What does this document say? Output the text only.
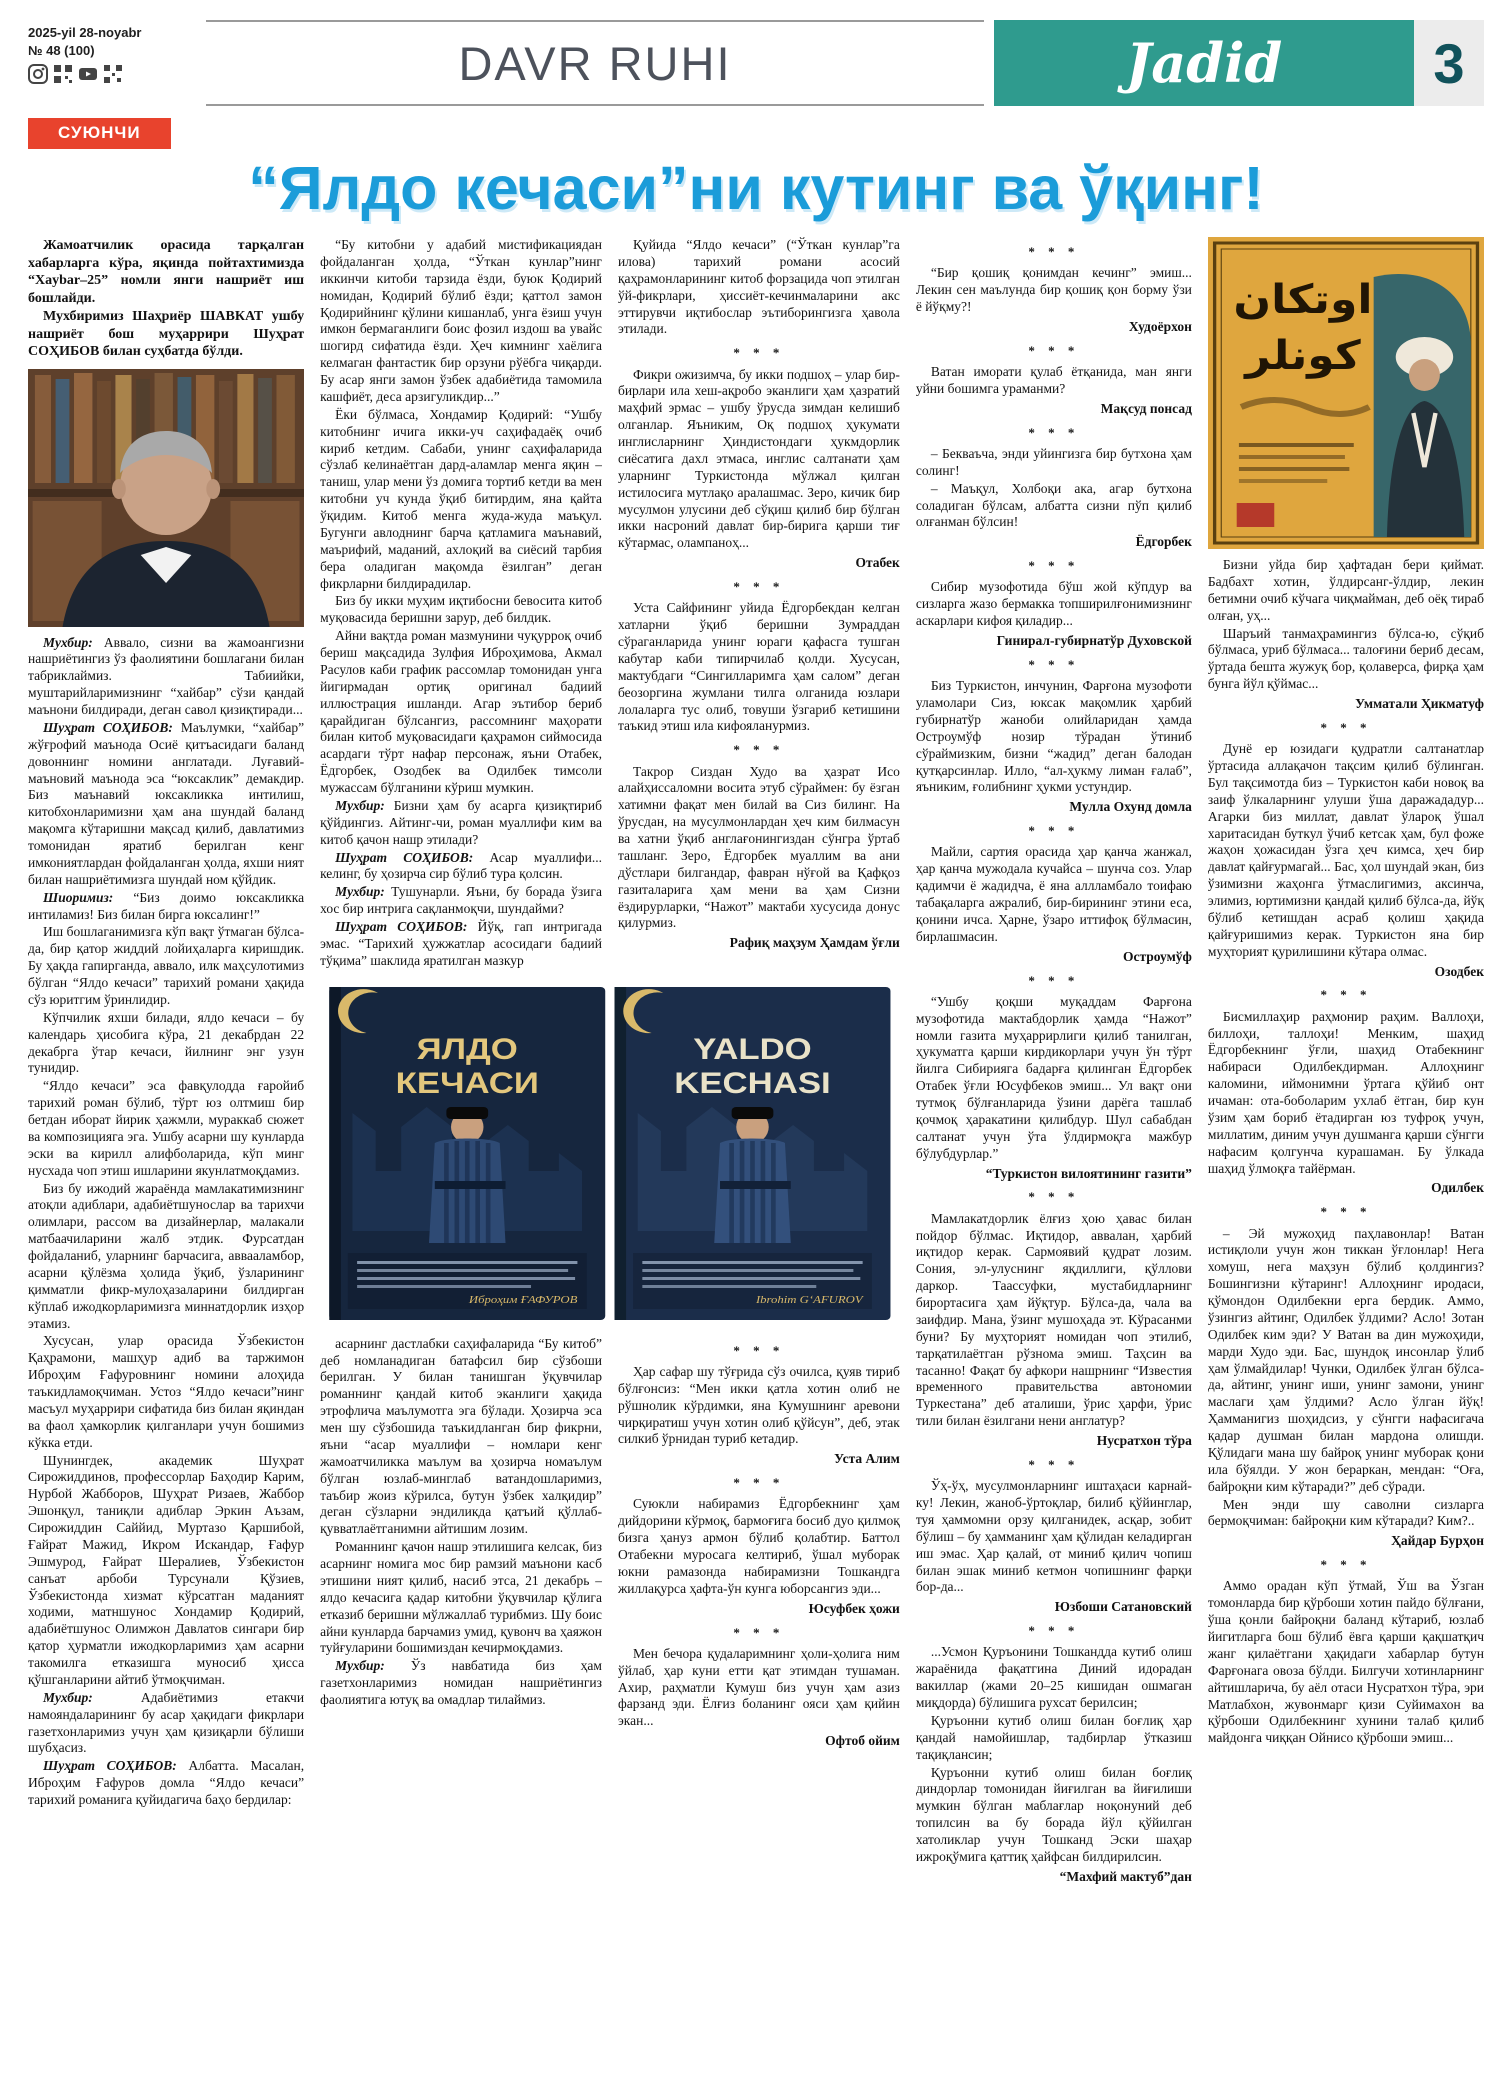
2025-yil 28-noyabr
№ 48 (100)	DAVR RUHI	Jadid	3
СУЮНЧИ
“Ялдо кечаси”ни кутинг ва ўқинг!

Жамоатчилик орасида тарқалган хабарларга кўра, яқинда пойтахтимизда “Xaybar–25” номли янги нашриёт иш бошлайди.

Мухбиримиз Шаҳриёр ШАВКАТ ушбу нашриёт бош муҳаррири Шуҳрат СОҲИБОВ билан суҳбатда бўлди.

Мухбир: Аввало, сизни ва жамоангизни нашриётингиз ўз фаолиятини бошлагани билан табриклаймиз. Табиийки, муштарийларимизнинг “хайбар” сўзи қандай маънони билдиради, деган савол қизиқтиради...

Шуҳрат СОҲИБОВ: Маълумки, “хайбар” жўғрофий маънода Осиё қитъасидаги баланд довоннинг номини англатади. Луғавий-маъновий маънода эса “юксаклик” демакдир. Биз маънавий юксакликка интилиш, китобхонларимизни ҳам ана шундай баланд мақомга кўтаришни мақсад қилиб, давлатимиз томонидан яратиб берилган кенг имкониятлардан фойдаланган ҳолда, яхши ният билан нашриётимизга шундай ном қўйдик.

Шиоримиз: “Биз доимо юксакликка интиламиз! Биз билан бирга юксалинг!”

Иш бошлаганимизга кўп вақт ўтмаган бўлса-да, бир қатор жиддий лойиҳаларга киришдик. Бу ҳақда гапирганда, аввало, илк маҳсулотимиз бўлган “Ялдо кечаси” тарихий романи ҳақида сўз юритгим ўринлидир.

Кўпчилик яхши билади, ялдо кечаси – бу календарь ҳисобига кўра, 21 декабрдан 22 декабрга ўтар кечаси, йилнинг энг узун тунидир.

“Ялдо кечаси” эса фавқулодда ғаройиб тарихий роман бўлиб, тўрт юз олтмиш бир бетдан иборат йирик ҳажмли, мураккаб сюжет ва композицияга эга. Ушбу асарни шу кунларда эски ва кирилл алифболарида, кўп минг нусхада чоп этиш ишларини якунлатмоқдамиз.

Биз бу ижодий жараёнда мамлакатимизнинг атоқли адиблари, адабиётшунослар ва тарихчи олимлари, рассом ва дизайнерлар, малакали матбаачиларини жалб этдик. Фурсатдан фойдаланиб, уларнинг барчасига, аввааламбор, асарни қўлёзма ҳолида ўқиб, ўзларининг қимматли фикр-мулоҳазаларини билдирган кўплаб ижодкорларимизга миннатдорлик изҳор этамиз.

Хусусан, улар орасида Ўзбекистон Қаҳрамони, машҳур адиб ва таржимон Иброҳим Ғафуровнинг номини алоҳида таъкидламоқчиман. Устоз “Ялдо кечаси”нинг масъул муҳаррири сифатида биз билан яқиндан ва фаол ҳамкорлик қилганлари учун бошимиз кўкка етди.

Шунингдек, академик Шуҳрат Сирожиддинов, профессорлар Баҳодир Карим, Нурбой Жабборов, Шуҳрат Ризаев, Жаббор Эшонқул, таниқли адиблар Эркин Аъзам, Сирожиддин Саййид, Муртазо Қаршибой, Ғайрат Мажид, Икром Искандар, Ғафур Эшмурод, Ғайрат Шералиев, Ўзбекистон санъат арбоби Турсунали Қўзиев, Ўзбекистонда хизмат кўрсатган маданият ходими, матншунос Хондамир Қодирий, адабиётшунос Олимжон Давлатов сингари бир қатор ҳурматли ижодкорларимиз ҳам асарни такомилга етказишга муносиб ҳисса қўшганларини айтиб ўтмоқчиман.

Мухбир: Адабиётимиз етакчи намояндаларининг бу асар ҳақидаги фикрлари газетхонларимиз учун ҳам қизиқарли бўлиши шубҳасиз.

Шуҳрат СОҲИБОВ: Албатта. Масалан, Иброҳим Ғафуров домла “Ялдо кечаси” тарихий романига қуйидагича баҳо бердилар:

“Бу китобни у адабий мистификациядан фойдаланган ҳолда, “Ўткан кунлар”нинг иккинчи китоби тарзида ёзди, буюк Қодирий номидан, Қодирий бўлиб ёзди; қаттол замон Қодирийнинг қўлини кишанлаб, унга ёзиш учун имкон бермаганлиги боис фозил издош ва увайс шогирд сифатида ёзди. Ҳеч кимнинг хаёлига келмаган фантастик бир орзуни рўёбга чиқарди. Бу асар янги замон ўзбек адабиётида тамомила кашфиёт, деса арзигуликдир...”

Ёки бўлмаса, Хондамир Қодирий: “Ушбу китобнинг ичига икки-уч саҳифадаёқ очиб кириб кетдим. Сабаби, унинг саҳифаларида сўзлаб келинаётган дард-аламлар менга яқин – таниш, улар мени ўз домига тортиб кетди ва мен китобни уч кунда ўқиб битирдим, яна қайта ўқидим. Китоб менга жуда-жуда маъқул. Бугунги авлоднинг барча қатламига маънавий, маърифий, маданий, ахлоқий ва сиёсий тарбия бера оладиган мақомда ёзилган” деган фикрларни билдирадилар.

Биз бу икки муҳим иқтибосни бевосита китоб муқовасида беришни зарур, деб билдик.

Айни вақтда роман мазмунини чуқурроқ очиб бериш мақсадида Зулфия Иброҳимова, Акмал Расулов каби график рассомлар томонидан унга йигирмадан ортиқ оригинал бадиий иллюстрация ишланди. Агар эътибор бериб қарайдиган бўлсангиз, рассомнинг маҳорати билан китоб муқовасидаги қаҳрамон сиймосида асардаги тўрт нафар персонаж, яъни Отабек, Ёдгорбек, Озодбек ва Одилбек тимсоли мужассам бўлганини кўриш мумкин.

Мухбир: Бизни ҳам бу асарга қизиқтириб қўйдингиз. Айтинг-чи, роман муаллифи ким ва китоб қачон нашр этилади?

Шуҳрат СОҲИБОВ: Асар муаллифи... келинг, бу ҳозирча сир бўлиб тура қолсин.

Мухбир: Тушунарли. Яъни, бу борада ўзига хос бир интрига сақланмоқчи, шундайми?

Шуҳрат СОҲИБОВ: Йўқ, гап интригада эмас. “Тарихий ҳужжатлар асосидаги бадиий тўқима” шаклида яратилган мазкур

Қуйида “Ялдо кечаси” (“Ўткан кунлар”га илова) тарихий романи асосий қаҳрамонларининг китоб форзацида чоп этилган ўй-фикрлари, ҳиссиёт-кечинмаларини акс эттирувчи иқтибослар эътиборингизга ҳавола этилади.

* * *

Фикри ожизимча, бу икки подшоҳ – улар бир-бирлари ила хеш-ақробо эканлиги ҳам ҳазратий маҳфий эрмас – ушбу ўрусда зимдан келишиб олганлар. Яъниким, Оқ подшоҳ ҳукумати инглисларнинг Ҳиндистондаги ҳукмдорлик сиёсатига дахл этмаса, инглис салтанати ҳам уларнинг Туркистонда мўлжал қилган истилосига мутлақо аралашмас. Зеро, кичик бир мусулмон улусини деб сўқиш қилиб бир бўлган икки насроний давлат бир-бирига қарши тиғ кўтармас, олампаноҳ...

Отабек

* * *

Уста Сайфининг уйида Ёдгорбекдан келган хатларни ўқиб беришни Зумраддан сўраганларида унинг юраги қафасга тушган кабутар каби типирчилаб қолди. Хусусан, мактубдаги “Сингилларимга ҳам салом” деган беозоргина жумлани тилга олганида юзлари лолаларга тус олиб, товуши ўзгариб кетишини таъкид этиш ила кифояланурмиз.

* * *

Такрор Сиздан Худо ва ҳазрат Исо алайҳиссаломни восита этуб сўраймен: бу ёзган хатимни фақат мен билай ва Сиз билинг. На ўрусдан, на мусулмонлардан ҳеч ким билмасун ва хатни ўқиб англағонингиздан сўнгра ўртаб ташланг. Зеро, Ёдгорбек муаллим ва ани дўстлари билгандар, фавран нўғой ва Қафқоз газиталарига ҳам мени ва ҳам Сизни ёздирурларки, “Нажот” мактаби хусусида донус қилурмиз.

Рафиқ маҳзум Ҳамдам ўғли

ЯЛДО
КЕЧАСИ
Иброҳим ҒАФУРОВ
YALDO
KECHASI
Ibrohim GʻAFUROV

асарнинг дастлабки саҳифаларида “Бу китоб” деб номланадиган батафсил бир сўзбоши берилган. У билан танишган ўқувчилар романнинг қандай китоб эканлиги ҳақида этрофлича маълумотга эга бўлади. Ҳозирча эса мен шу сўзбошида таъкидланган бир фикрни, яъни “асар муаллифи – номлари кенг жамоатчиликка маълум ва ҳозирча номаълум бўлган юзлаб-минглаб ватандошларимиз, таъбир жоиз кўрилса, бутун ўзбек халқидир” деган сўзларни эндиликда қатъий қўллаб-қувватлаётганимни айтишим лозим.

Романнинг қачон нашр этилишига келсак, биз асарнинг номига мос бир рамзий маънони касб этишини ният қилиб, насиб этса, 21 декабрь – ялдо кечасига қадар китобни ўқувчилар қўлига етказиб беришни мўлжаллаб турибмиз. Шу боис айни кунларда барчамиз умид, қувонч ва ҳаяжон туйғуларини бошимиздан кечирмоқдамиз.

Мухбир: Ўз навбатида биз ҳам газетхонларимиз номидан нашриётингиз фаолиятига ютуқ ва омадлар тилаймиз.

* * *

Ҳар сафар шу тўғрида сўз очилса, қуяв тириб бўлғонсиз: “Мен икки қатла хотин олиб не рўшнолик кўрдимки, яна Кумушнинг аревони чирқиратиш учун хотин олиб қўйсун”, деб, этак силкиб ўрнидан туриб кетадир.

Уста Алим

* * *

Суюкли набирамиз Ёдгорбекнинг ҳам дийдорини кўрмоқ, бармоғига босиб дуо қилмоқ бизга ҳануз армон бўлиб қолабтир. Баттол Отабекни муросага келтириб, ўшал муборак юкни рамазонда набирамизни Тошкандга жиллақурса ҳафта-ўн кунга юборсангиз эди...

Юсуфбек ҳожи

* * *

Мен бечора қудаларимнинг ҳоли-ҳолига ним ўйлаб, ҳар куни етти қат этимдан тушаман. Ахир, раҳматли Кумуш биз учун ҳам азиз фарзанд эди. Ёлғиз боланинг ояси ҳам қийин экан...

Офтоб ойим

* * *

“Бир қошиқ қонимдан кечинг” эмиш... Лекин сен маълунда бир қошиқ қон борму ўзи ё йўқму?!

Худоёрхон

* * *

Ватан иморати қулаб ётқанида, ман янги уйни бошимга ураманми?

Мақсуд понсад

* * *

– Бекваъча, энди уйингизга бир бутхона ҳам солинг!

– Маъқул, Холбоқи ака, агар бутхона соладиган бўлсам, албатта сизни пўп қилиб олғанман бўлсин!

Ёдгорбек

* * *

Сибир музофотида бўш жой кўпдур ва сизларга жазо бермакка топширилғонимизнинг аскарлари кифоя қиладир...

Гинирал-губирнатўр Духовской

* * *

Биз Туркистон, инчунин, Фарғона музофоти уламолари Сиз, юксак мақомлик ҳарбий губирнатўр жаноби олийларидан ҳамда Остроумўф нозир тўрадан ўтиниб сўраймизким, бизни “жадид” деган балодан қутқарсинлар. Илло, “ал-ҳукму лиман ғалаб”, яъниким, ғолибнинг ҳукми устундир.

Мулла Охунд домла

* * *

Майли, сартия орасида ҳар қанча жанжал, ҳар қанча мужодала кучайса – шунча соз. Улар қадимчи ё жадидча, ё яна аллламбало тоифаю табақаларга ажралиб, бир-бирининг этини еса, қонини ичса. Ҳарне, ўзаро иттифоқ бўлмасин, бирлашмасин.

Остроумўф

* * *

“Ушбу қоқши муқаддам Фарғона музофотида мактабдорлик ҳамда “Нажот” номли газита муҳаррирлиги қилиб танилган, ҳукуматга қарши кирдикорлари учун ўн тўрт йилга Сибирияга бадарға қилинган Ёдгорбек Отабек ўғли Юсуфбеков эмиш... Ул вақт они тутмоқ бўлғанларида ўзини дарёга ташлаб қочмоқ ҳаракатини қилибдур. Шул сабабдан салтанат учун ўта ўлдирмоқга мажбур бўлубдурлар.”

“Туркистон вилоятининг газити”

* * *

Мамлакатдорлик ёлғиз ҳою ҳавас билан пойдор бўлмас. Иқтидор, аввалан, ҳарбий иқтидор керак. Сармоявий қудрат лозим. Сония, эл-улуснинг яқдиллиги, қўллови даркор. Таассуфки, мустабидларнинг бирортасига ҳам йўқтур. Бўлса-да, чала ва заифдир. Мана, ўзинг мушоҳада эт. Кўрасанми буни? Бу муҳторият номидан чоп этилиб, тарқатилаётган рўзнома эмиш. Таҳсин ва тасанно! Фақат бу афкори нашрнинг “Известия временного правительства автономии Туркестана” деб аталиши, ўрис ҳарфи, ўрис тили билан ёзилгани нени англатур?

Нусратхон тўра

* * *

Ўҳ-ўҳ, мусулмонларнинг иштаҳаси карнай-ку! Лекин, жаноб-ўртоқлар, билиб қўйинглар, туя ҳаммомни орзу қилганидек, асқар, зобит бўлиш – бу ҳамманинг ҳам қўлидан келадирган иш эмас. Ҳар қалай, от миниб қилич чопиш билан эшак миниб кетмон чопишнинг фарқи бор-да...

Юзбоши Сатановский

* * *

...Усмон Қуръонини Тошкандда кутиб олиш жараёнида фақатгина Диний идорадан вакиллар (жами 20–25 кишидан ошмаган миқдорда) бўлишига рухсат берилсин;

Қуръонни кутиб олиш билан боғлиқ ҳар қандай намойишлар, тадбирлар ўтказиш тақиқлансин;

Қуръонни кутиб олиш билан боғлиқ диндорлар томонидан йиғилган ва йиғилиши мумкин бўлган маблағлар ноқонуний деб топилсин ва бу борада йўл қўйилган хатоликлар учун Тошканд Эски шаҳар ижроқўмига қаттиқ ҳайфсан билдирилсин.

“Махфий мактуб”дан

اوتكان
كونلر

Бизни уйда бир ҳафтадан бери қиймат. Бадбахт хотин, ўлдирсанг-ўлдир, лекин бетимни очиб кўчага чиқмайман, деб оёқ тираб олған, уҳ...

Шаръий танмаҳрамингиз бўлса-ю, сўқиб бўлмаса, уриб бўлмаса... талоғини бериб десам, ўртада бешта жужуқ бор, қолаверса, фирқа ҳам бунга йўл қўймас...

Умматали Ҳикматуф

* * *

Дунё ер юзидаги қудратли салтанатлар ўртасида аллақачон тақсим қилиб бўлинган. Бул тақсимотда биз – Туркистон каби новоқ ва заиф ўлкаларнинг улуши ўша даражададур... Агарки биз миллат, давлат ўлароқ ўшал харитасидан буткул ўчиб кетсак ҳам, бул фоже жаҳон ҳожасидан ўзга ҳеч кимса, ҳеч бир давлат қайғурмагай... Бас, ҳол шундай экан, биз ўзимизни жаҳонга ўтмаслигимиз, аксинча, элимиз, юртимизни қандай қилиб бўлса-да, йўқ бўлиб кетишдан асраб қолиш ҳақида қайғуришимиз керак. Туркистон яна бир муҳторият қурилишини кўтара олмас.

Озодбек

* * *

Бисмиллаҳир раҳмонир раҳим. Валлоҳи, биллоҳи, таллоҳи! Менким, шаҳид Ёдгорбекнинг ўғли, шаҳид Отабекнинг набираси Одилбекдирман. Аллоҳнинг каломини, иймонимни ўртага қўйиб онт ичаман: ота-боболарим ухлаб ётган, бир кун ўзим ҳам бориб ётадирган юз туфроқ учун, миллатим, диним учун душманга қарши сўнгги нафасим қолгунча курашаман. Бу ўлкада шаҳид ўлмоқға тайёрман.

Одилбек

* * *

– Эй мужоҳид паҳлавонлар! Ватан истиқлоли учун жон тиккан ўғлонлар! Нега хомуш, нега маҳзун бўлиб қолдингиз? Бошингизни кўтаринг! Аллоҳнинг иродаси, қўмондон Одилбекни ерга бердик. Аммо, ўзингиз айтинг, Одилбек ўлдими? Асло! Зотан Одилбек ким эди? У Ватан ва дин мужоҳиди, марди Худо эди. Бас, шундоқ инсонлар ўлиб ҳам ўлмайдилар! Чунки, Одилбек ўлган бўлса-да, айтинг, унинг иши, унинг замони, унинг маслаги ҳам ўлдими? Асло ўлган йўқ! Ҳамманигиз шоҳидсиз, у сўнгги нафасигача қадар душман билан мардона олишди. Қўлидаги мана шу байроқ унинг муборак қони ила бўялди. У жон бераркан, мендан: “Оға, байроқни ким кўтаради?” деб сўради.

Мен энди шу саволни сизларга бермоқчиман: байроқни ким кўтаради? Ким?..

Ҳайдар Бурҳон

* * *

Аммо орадан кўп ўтмай, Ўш ва Ўзган томонларда бир қўрбоши хотин пайдо бўлғани, ўша қонли байроқни баланд кўтариб, юзлаб йигитларга бош бўлиб ёвга қарши қақшатқич жанг қилаётгани ҳақидаги хабарлар бутун Фарғонага овоза бўлди. Билгучи хотинларнинг айтишларича, бу аёл отаси Нусратхон тўра, эри Матлабхон, жувонмарг қизи Суйимахон ва қўрбоши Одилбекнинг хунини талаб қилиб майдонга чиққан Ойнисо қўрбоши эмиш...
